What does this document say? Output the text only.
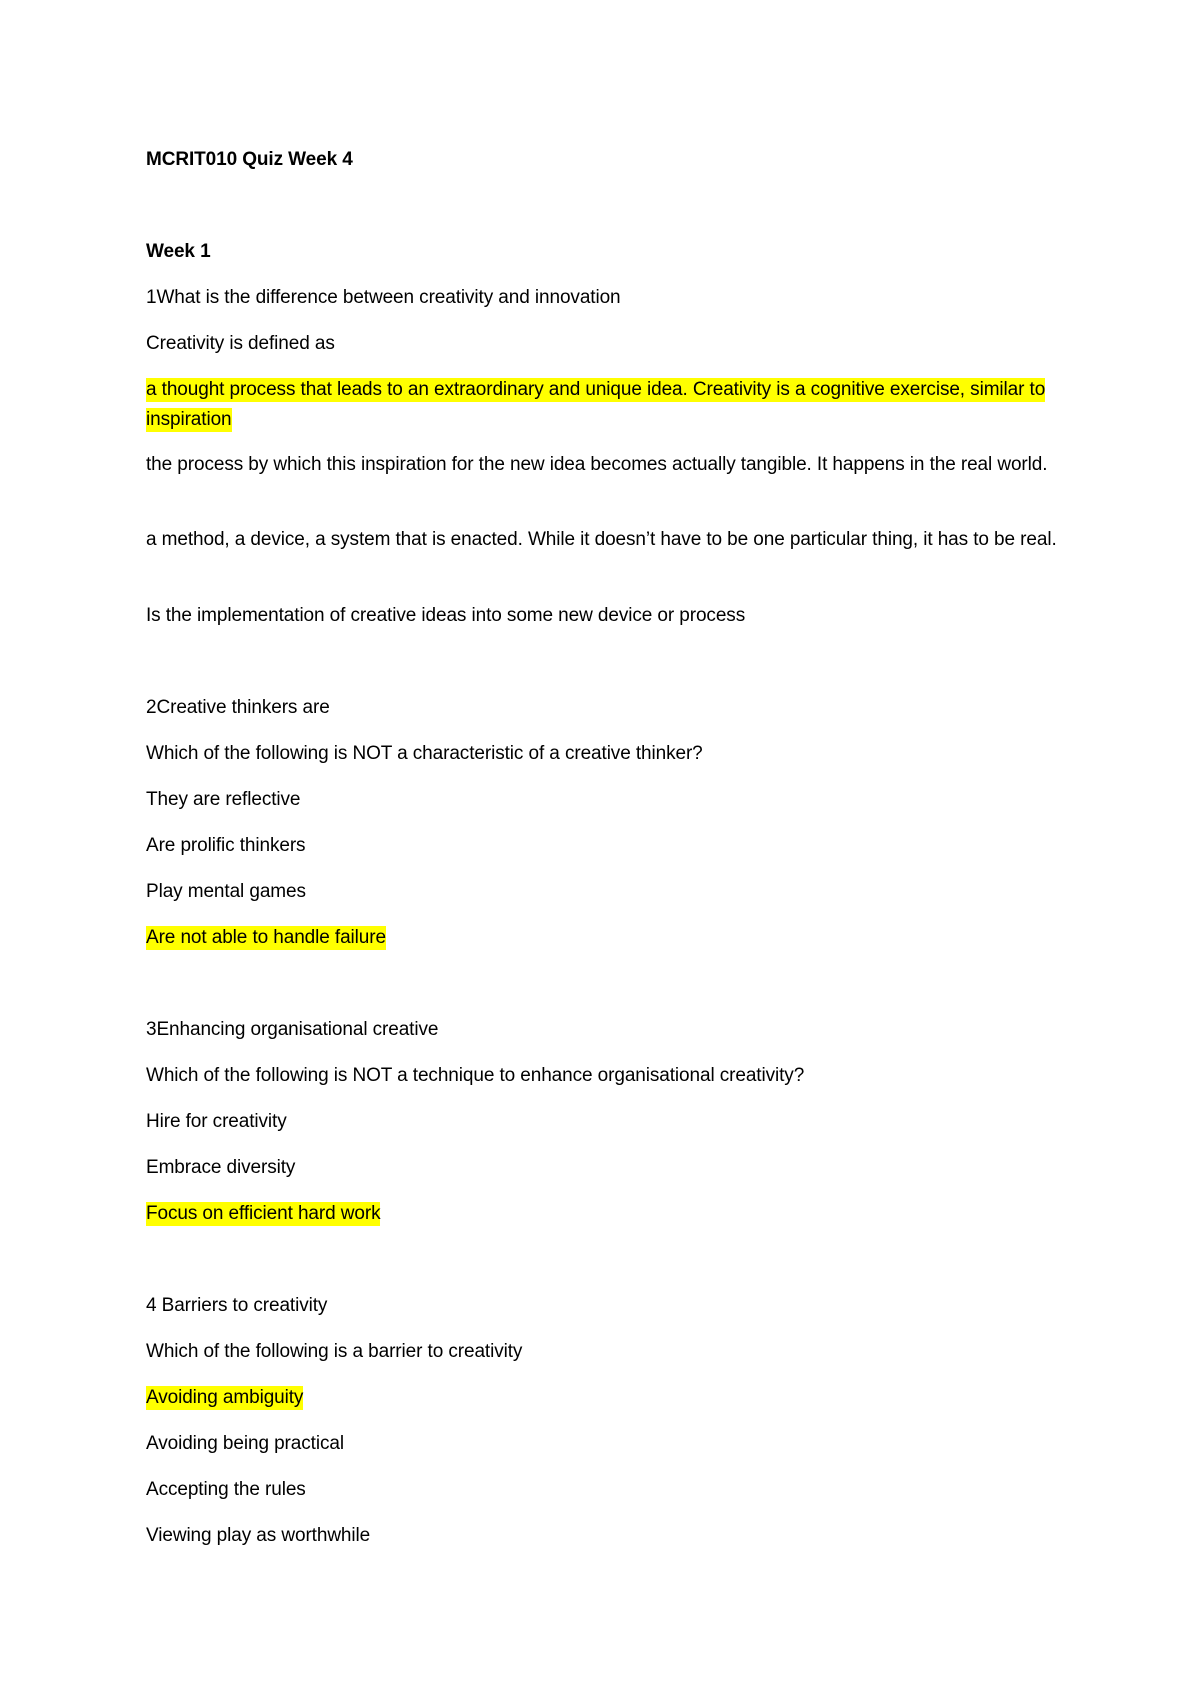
MCRIT010 Quiz Week 4
Week 1
1What is the difference between creativity and innovation
Creativity is defined as
a thought process that leads to an extraordinary and unique idea. Creativity is a cognitive exercise, similar to inspiration
the process by which this inspiration for the new idea becomes actually tangible. It happens in the real world.
a method, a device, a system that is enacted. While it doesn’t have to be one particular thing, it has to be real.
Is the implementation of creative ideas into some new device or process
2Creative thinkers are
Which of the following is NOT a characteristic of a creative thinker?
They are reflective
Are prolific thinkers
Play mental games
Are not able to handle failure
3Enhancing organisational creative
Which of the following is NOT a technique to enhance organisational creativity?
Hire for creativity
Embrace diversity
Focus on efficient hard work
4 Barriers to creativity
Which of the following is a barrier to creativity
Avoiding ambiguity
Avoiding being practical
Accepting the rules
Viewing play as worthwhile
